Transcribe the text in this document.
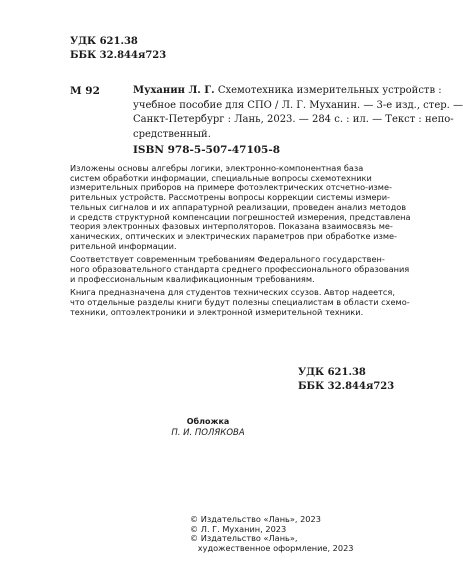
УДК 621.38
ББК 32.844я723
М 92	Муханин Л. Г. Схемотехника измерительных устройств :
учебное пособие для СПО / Л. Г. Муханин. — 3-е изд., стер. —
Санкт-Петербург : Лань, 2023. — 284 с. : ил. — Текст : непо-
средственный.
ISBN 978-5-507-47105-8
Изложены основы алгебры логики, электронно-компонентная база
систем обработки информации, специальные вопросы схемотехники
измерительных приборов на примере фотоэлектрических отсчетно-изме-
рительных устройств. Рассмотрены вопросы коррекции системы измери-
тельных сигналов и их аппаратурной реализации, проведен анализ методов
и средств структурной компенсации погрешностей измерения, представлена
теория электронных фазовых интерполяторов. Показана взаимосвязь ме-
ханических, оптических и электрических параметров при обработке изме-
рительной информации.
Соответствует современным требованиям Федерального государствен-
ного образовательного стандарта среднего профессионального образования
и профессиональным квалификационным требованиям.
Книга предназначена для студентов технических ссузов. Автор надеется,
что отдельные разделы книги будут полезны специалистам в области схемо-
техники, оптоэлектроники и электронной измерительной техники.
УДК 621.38
ББК 32.844я723
Обложка
П. И. ПОЛЯКОВА
© Издательство «Лань», 2023
© Л. Г. Муханин, 2023
© Издательство «Лань»,
художественное оформление, 2023
